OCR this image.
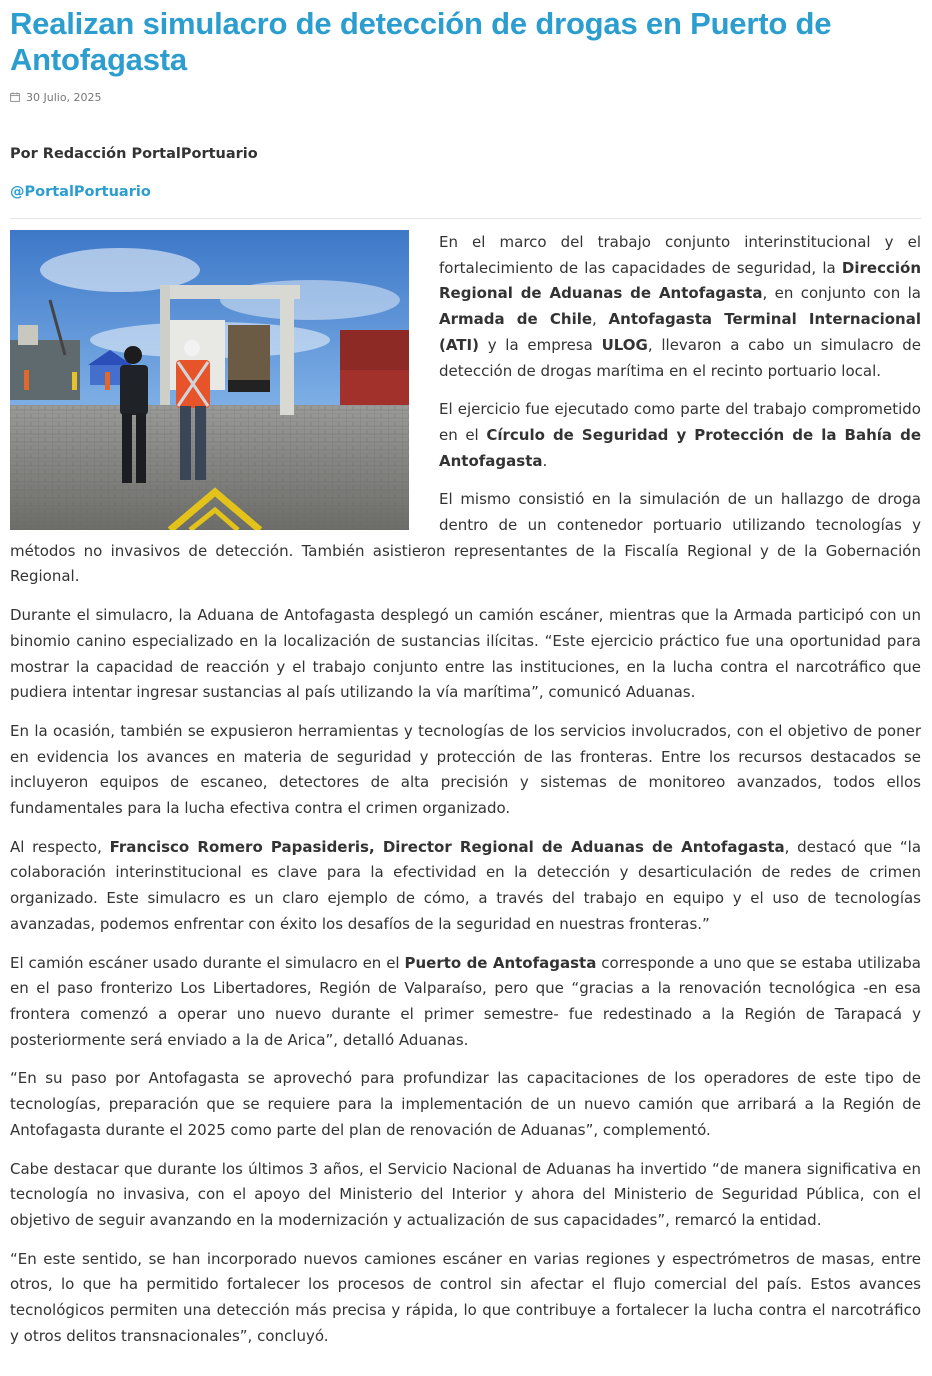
Realizan simulacro de detección de drogas en Puerto de Antofagasta
30 Julio, 2025
Por Redacción PortalPortuario
@PortalPortuario

En el marco del trabajo conjunto interinstitucional y el fortalecimiento de las capacidades de seguridad, la Dirección Regional de Aduanas de Antofagasta, en conjunto con la Armada de Chile, Antofagasta Terminal Internacional (ATI) y la empresa ULOG, llevaron a cabo un simulacro de detección de drogas marítima en el recinto portuario local.

El ejercicio fue ejecutado como parte del trabajo comprometido en el Círculo de Seguridad y Protección de la Bahía de Antofagasta.

El mismo consistió en la simulación de un hallazgo de droga dentro de un contenedor portuario utilizando tecnologías y métodos no invasivos de detección. También asistieron representantes de la Fiscalía Regional y de la Gobernación Regional.

Durante el simulacro, la Aduana de Antofagasta desplegó un camión escáner, mientras que la Armada participó con un binomio canino especializado en la localización de sustancias ilícitas. “Este ejercicio práctico fue una oportunidad para mostrar la capacidad de reacción y el trabajo conjunto entre las instituciones, en la lucha contra el narcotráfico que pudiera intentar ingresar sustancias al país utilizando la vía marítima”, comunicó Aduanas.

En la ocasión, también se expusieron herramientas y tecnologías de los servicios involucrados, con el objetivo de poner en evidencia los avances en materia de seguridad y protección de las fronteras. Entre los recursos destacados se incluyeron equipos de escaneo, detectores de alta precisión y sistemas de monitoreo avanzados, todos ellos fundamentales para la lucha efectiva contra el crimen organizado.

Al respecto, Francisco Romero Papasideris, Director Regional de Aduanas de Antofagasta, destacó que “la colaboración interinstitucional es clave para la efectividad en la detección y desarticulación de redes de crimen organizado. Este simulacro es un claro ejemplo de cómo, a través del trabajo en equipo y el uso de tecnologías avanzadas, podemos enfrentar con éxito los desafíos de la seguridad en nuestras fronteras.”

El camión escáner usado durante el simulacro en el Puerto de Antofagasta corresponde a uno que se estaba utilizaba en el paso fronterizo Los Libertadores, Región de Valparaíso, pero que “gracias a la renovación tecnológica -en esa frontera comenzó a operar uno nuevo durante el primer semestre- fue redestinado a la Región de Tarapacá y posteriormente será enviado a la de Arica”, detalló Aduanas.

“En su paso por Antofagasta se aprovechó para profundizar las capacitaciones de los operadores de este tipo de tecnologías, preparación que se requiere para la implementación de un nuevo camión que arribará a la Región de Antofagasta durante el 2025 como parte del plan de renovación de Aduanas”, complementó.

Cabe destacar que durante los últimos 3 años, el Servicio Nacional de Aduanas ha invertido “de manera significativa en tecnología no invasiva, con el apoyo del Ministerio del Interior y ahora del Ministerio de Seguridad Pública, con el objetivo de seguir avanzando en la modernización y actualización de sus capacidades”, remarcó la entidad.

“En este sentido, se han incorporado nuevos camiones escáner en varias regiones y espectrómetros de masas, entre otros, lo que ha permitido fortalecer los procesos de control sin afectar el flujo comercial del país. Estos avances tecnológicos permiten una detección más precisa y rápida, lo que contribuye a fortalecer la lucha contra el narcotráfico y otros delitos transnacionales”, concluyó.
